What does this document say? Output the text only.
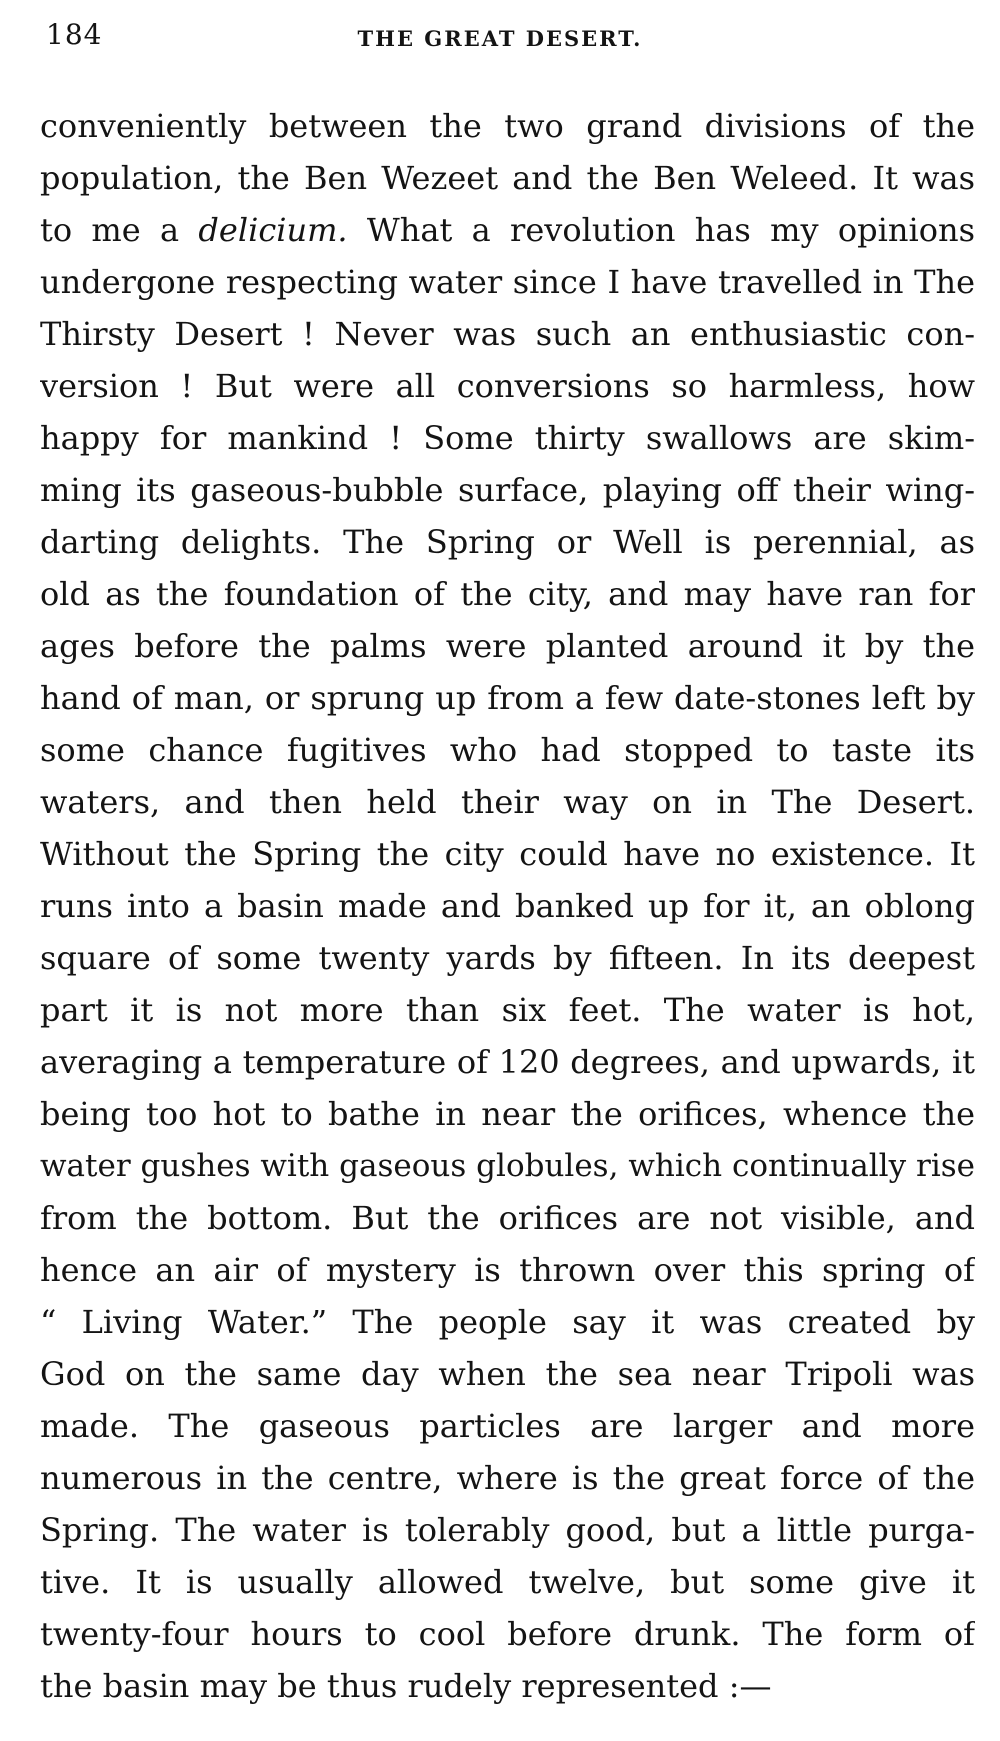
184	THE GREAT DESERT.
conveniently between the two grand divisions of the
population, the Ben Wezeet and the Ben Weleed. It was
to me a delicium. What a revolution has my opinions
undergone respecting water since I have travelled in The
Thirsty Desert ! Never was such an enthusiastic con-
version ! But were all conversions so harmless, how
happy for mankind ! Some thirty swallows are skim-
ming its gaseous-bubble surface, playing off their wing-
darting delights. The Spring or Well is perennial, as
old as the foundation of the city, and may have ran for
ages before the palms were planted around it by the
hand of man, or sprung up from a few date-stones left by
some chance fugitives who had stopped to taste its
waters, and then held their way on in The Desert.
Without the Spring the city could have no existence. It
runs into a basin made and banked up for it, an oblong
square of some twenty yards by fifteen. In its deepest
part it is not more than six feet. The water is hot,
averaging a temperature of 120 degrees, and upwards, it
being too hot to bathe in near the orifices, whence the
water gushes with gaseous globules, which continually rise
from the bottom. But the orifices are not visible, and
hence an air of mystery is thrown over this spring of
“ Living Water.” The people say it was created by
God on the same day when the sea near Tripoli was
made. The gaseous particles are larger and more
numerous in the centre, where is the great force of the
Spring. The water is tolerably good, but a little purga-
tive. It is usually allowed twelve, but some give it
twenty-four hours to cool before drunk. The form of
the basin may be thus rudely represented :—
